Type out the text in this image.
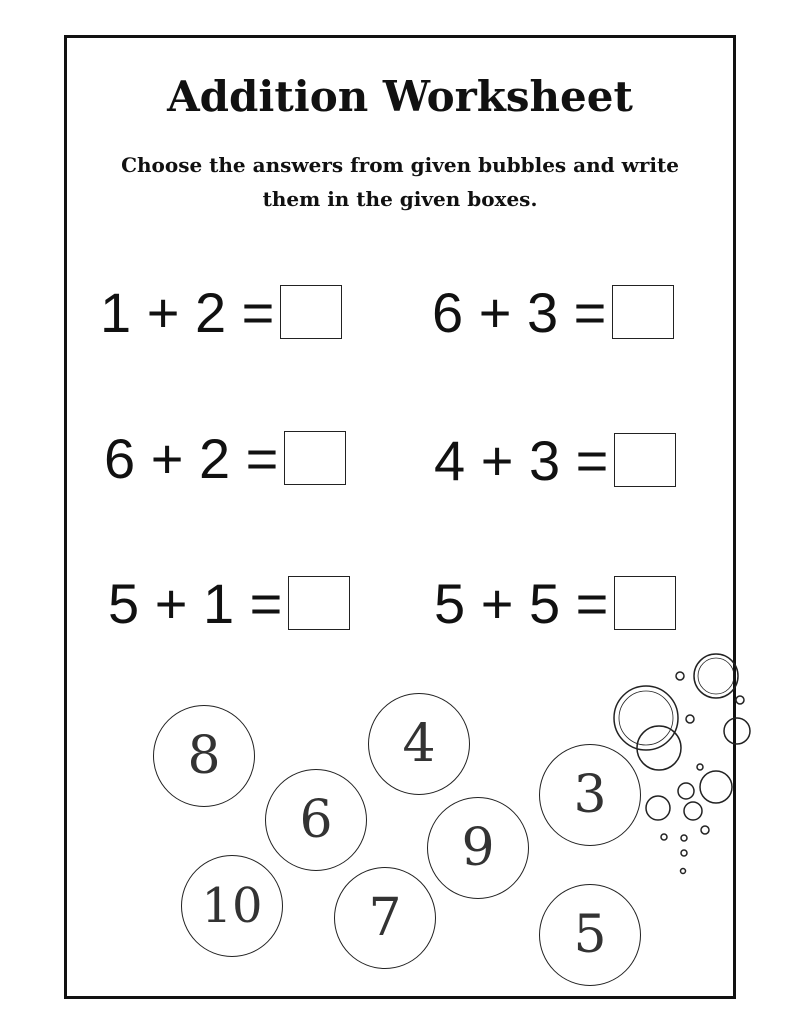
Addition Worksheet
Choose the answers from given bubbles and write them in the given boxes.
1 + 2 =	6 + 3 =
6 + 2 =	4 + 3 =
5 + 1 =	5 + 5 =
8	4
6	9
3
10	7	5
